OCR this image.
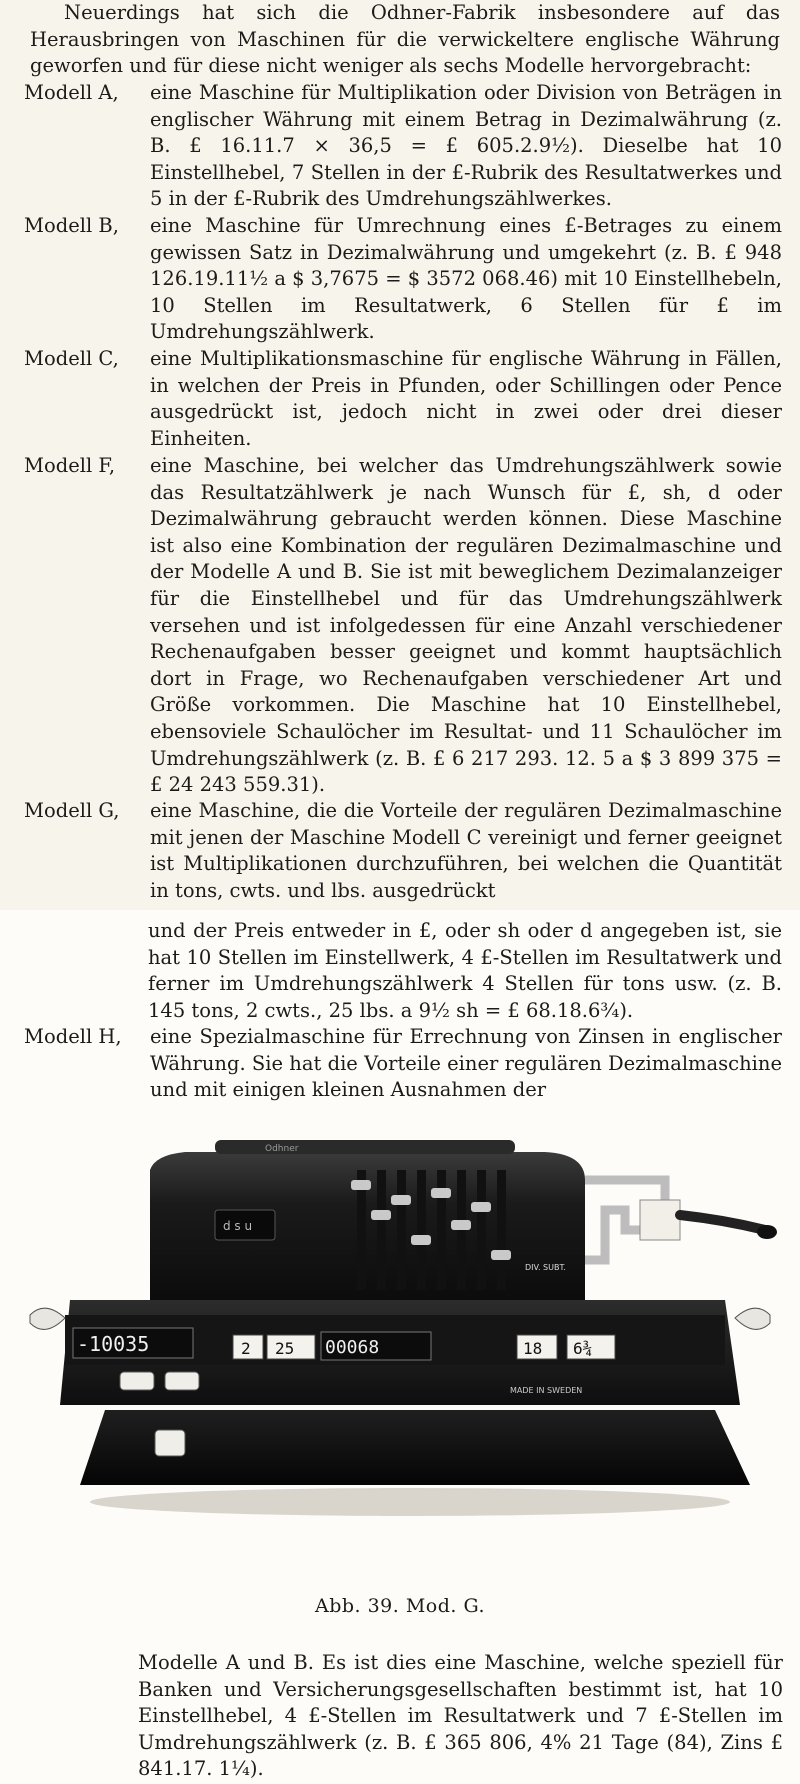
Neuerdings hat sich die Odhner-Fabrik insbesondere auf das Herausbringen von Maschinen für die verwickeltere englische Währung geworfen und für diese nicht weniger als sechs Modelle hervorgebracht:

Modell A, eine Maschine für Multiplikation oder Division von Beträgen in englischer Währung mit einem Betrag in Dezimalwährung (z. B. £ 16.11.7 × 36,5 = £ 605.2.9½). Dieselbe hat 10 Einstellhebel, 7 Stellen in der £-Rubrik des Resultatwerkes und 5 in der £-Rubrik des Umdrehungszählwerkes.
Modell B, eine Maschine für Umrechnung eines £-Betrages zu einem gewissen Satz in Dezimalwährung und umgekehrt (z. B. £ 948 126.19.11½ a $ 3,7675 = $ 3572 068.46) mit 10 Einstellhebeln, 10 Stellen im Resultatwerk, 6 Stellen für £ im Umdrehungszählwerk.
Modell C, eine Multiplikationsmaschine für englische Währung in Fällen, in welchen der Preis in Pfunden, oder Schillingen oder Pence ausgedrückt ist, jedoch nicht in zwei oder drei dieser Einheiten.
Modell F, eine Maschine, bei welcher das Umdrehungszählwerk sowie das Resultatzählwerk je nach Wunsch für £, sh, d oder Dezimalwährung gebraucht werden können. Diese Maschine ist also eine Kombination der regulären Dezimalmaschine und der Modelle A und B. Sie ist mit beweglichem Dezimalanzeiger für die Einstellhebel und für das Umdrehungszählwerk versehen und ist infolgedessen für eine Anzahl verschiedener Rechenaufgaben besser geeignet und kommt hauptsächlich dort in Frage, wo Rechenaufgaben verschiedener Art und Größe vorkommen. Die Maschine hat 10 Einstellhebel, ebensoviele Schaulöcher im Resultat- und 11 Schaulöcher im Umdrehungszählwerk (z. B. £ 6 217 293. 12. 5 a $ 3 899 375 = £ 24 243 559.31).
Modell G, eine Maschine, die die Vorteile der regulären Dezimalmaschine mit jenen der Maschine Modell C vereinigt und ferner geeignet ist Multiplikationen durchzuführen, bei welchen die Quantität in tons, cwts. und lbs. ausgedrückt

und der Preis entweder in £, oder sh oder d angegeben ist, sie hat 10 Stellen im Einstellwerk, 4 £-Stellen im Resultatwerk und ferner im Umdrehungszählwerk 4 Stellen für tons usw. (z. B. 145 tons, 2 cwts., 25 lbs. a 9½ sh = £ 68.18.6¾).

Modell H, eine Spezialmaschine für Errechnung von Zinsen in englischer Währung. Sie hat die Vorteile einer regulären Dezimalmaschine und mit einigen kleinen Ausnahmen der
Odhner
d s u
DIV. SUBT.
-10035	2 25 00068	18 6¾
MADE IN SWEDEN
Abb. 39. Mod. G.

Modelle A und B. Es ist dies eine Maschine, welche speziell für Banken und Versicherungsgesellschaften bestimmt ist, hat 10 Einstellhebel, 4 £-Stellen im Resultatwerk und 7 £-Stellen im Umdrehungszählwerk (z. B. £ 365 806, 4% 21 Tage (84), Zins £ 841.17. 1¼).
